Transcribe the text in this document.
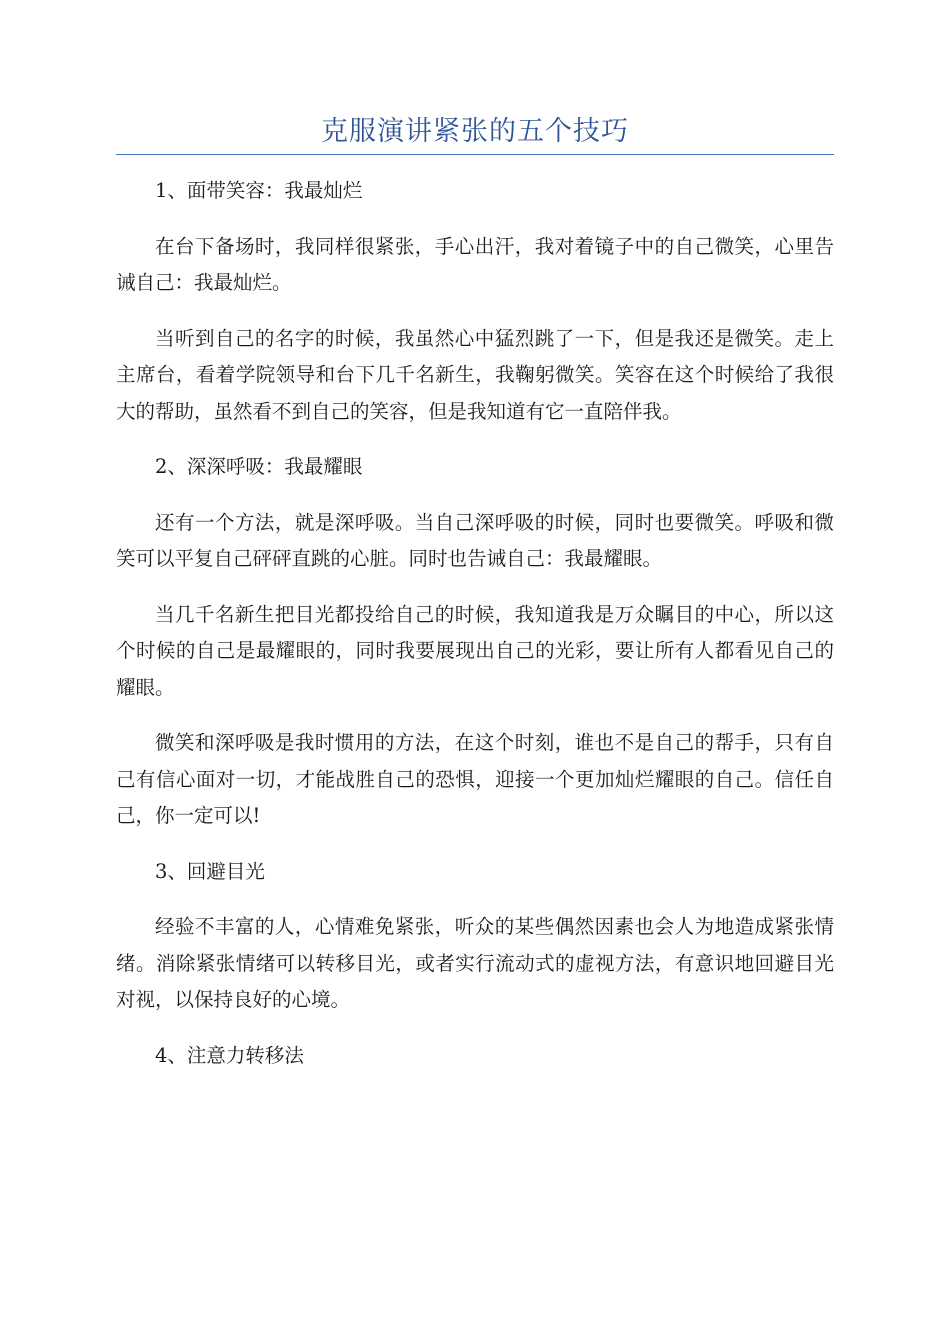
克服演讲紧张的五个技巧

1、面带笑容：我最灿烂

在台下备场时，我同样很紧张，手心出汗，我对着镜子中的自己微笑，心里告诫自己：我最灿烂。

当听到自己的名字的时候，我虽然心中猛烈跳了一下，但是我还是微笑。走上主席台，看着学院领导和台下几千名新生，我鞠躬微笑。笑容在这个时候给了我很大的帮助，虽然看不到自己的笑容，但是我知道有它一直陪伴我。

2、深深呼吸：我最耀眼

还有一个方法，就是深呼吸。当自己深呼吸的时候，同时也要微笑。呼吸和微笑可以平复自己砰砰直跳的心脏。同时也告诫自己：我最耀眼。

当几千名新生把目光都投给自己的时候，我知道我是万众瞩目的中心，所以这个时候的自己是最耀眼的，同时我要展现出自己的光彩，要让所有人都看见自己的耀眼。

微笑和深呼吸是我时惯用的方法，在这个时刻，谁也不是自己的帮手，只有自己有信心面对一切，才能战胜自己的恐惧，迎接一个更加灿烂耀眼的自己。信任自己，你一定可以!

3、回避目光

经验不丰富的人，心情难免紧张，听众的某些偶然因素也会人为地造成紧张情绪。消除紧张情绪可以转移目光，或者实行流动式的虚视方法，有意识地回避目光对视，以保持良好的心境。

4、注意力转移法
